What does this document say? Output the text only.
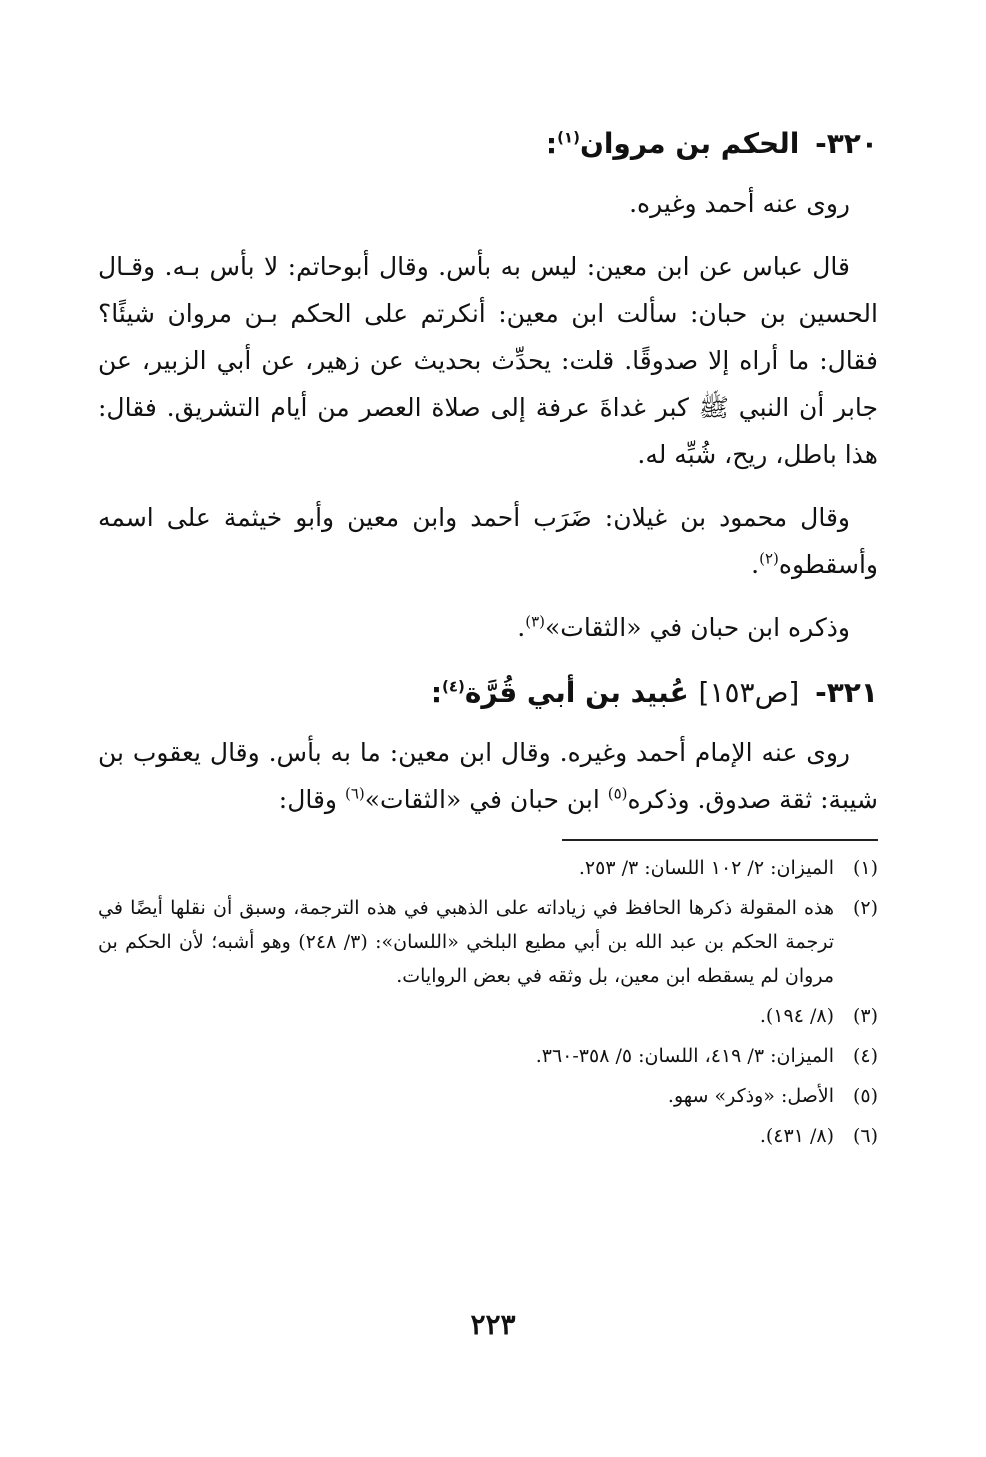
٣٢٠- الحكم بن مروان$^{(١)}$:

روى عنه أحمد وغيره.

قال عباس عن ابن معين: ليس به بأس. وقال أبوحاتم: لا بأس بـه. وقـال الحسين بن حبان: سألت ابن معين: أنكرتم على الحكم بـن مروان شيئًا؟ فقال: ما أراه إلا صدوقًا. قلت: يحدِّث بحديث عن زهير، عن أبي الزبير، عن جابر أن النبي ﷺ كبر غداةَ عرفة إلى صلاة العصر من أيام التشريق. فقال: هذا باطل، ريح، شُبِّه له.

وقال محمود بن غيلان: ضَرَب أحمد وابن معين وأبو خيثمة على اسمه وأسقطوه$^{(٢)}$.

وذكره ابن حبان في «الثقات»$^{(٣)}$.

٣٢١- [ص١٥٣] عُبيد بن أبي قُرَّة$^{(٤)}$:

روى عنه الإمام أحمد وغيره. وقال ابن معين: ما به بأس. وقال يعقوب بن شيبة: ثقة صدوق. وذكره$^{(٥)}$ ابن حبان في «الثقات»$^{(٦)}$ وقال:

(١)
الميزان: ٢/ ١٠٢ اللسان: ٣/ ٢٥٣.
(٢)
هذه المقولة ذكرها الحافظ في زياداته على الذهبي في هذه الترجمة، وسبق أن نقلها أيضًا في ترجمة الحكم بن عبد الله بن أبي مطيع البلخي «اللسان»: (٣/ ٢٤٨) وهو أشبه؛ لأن الحكم بن مروان لم يسقطه ابن معين، بل وثقه في بعض الروايات.
(٣)
(٨/ ١٩٤).
(٤)
الميزان: ٣/ ٤١٩، اللسان: ٥/ ٣٥٨-٣٦٠.
(٥)
الأصل: «وذكر» سهو.
(٦)
(٨/ ٤٣١).
٢٢٣
